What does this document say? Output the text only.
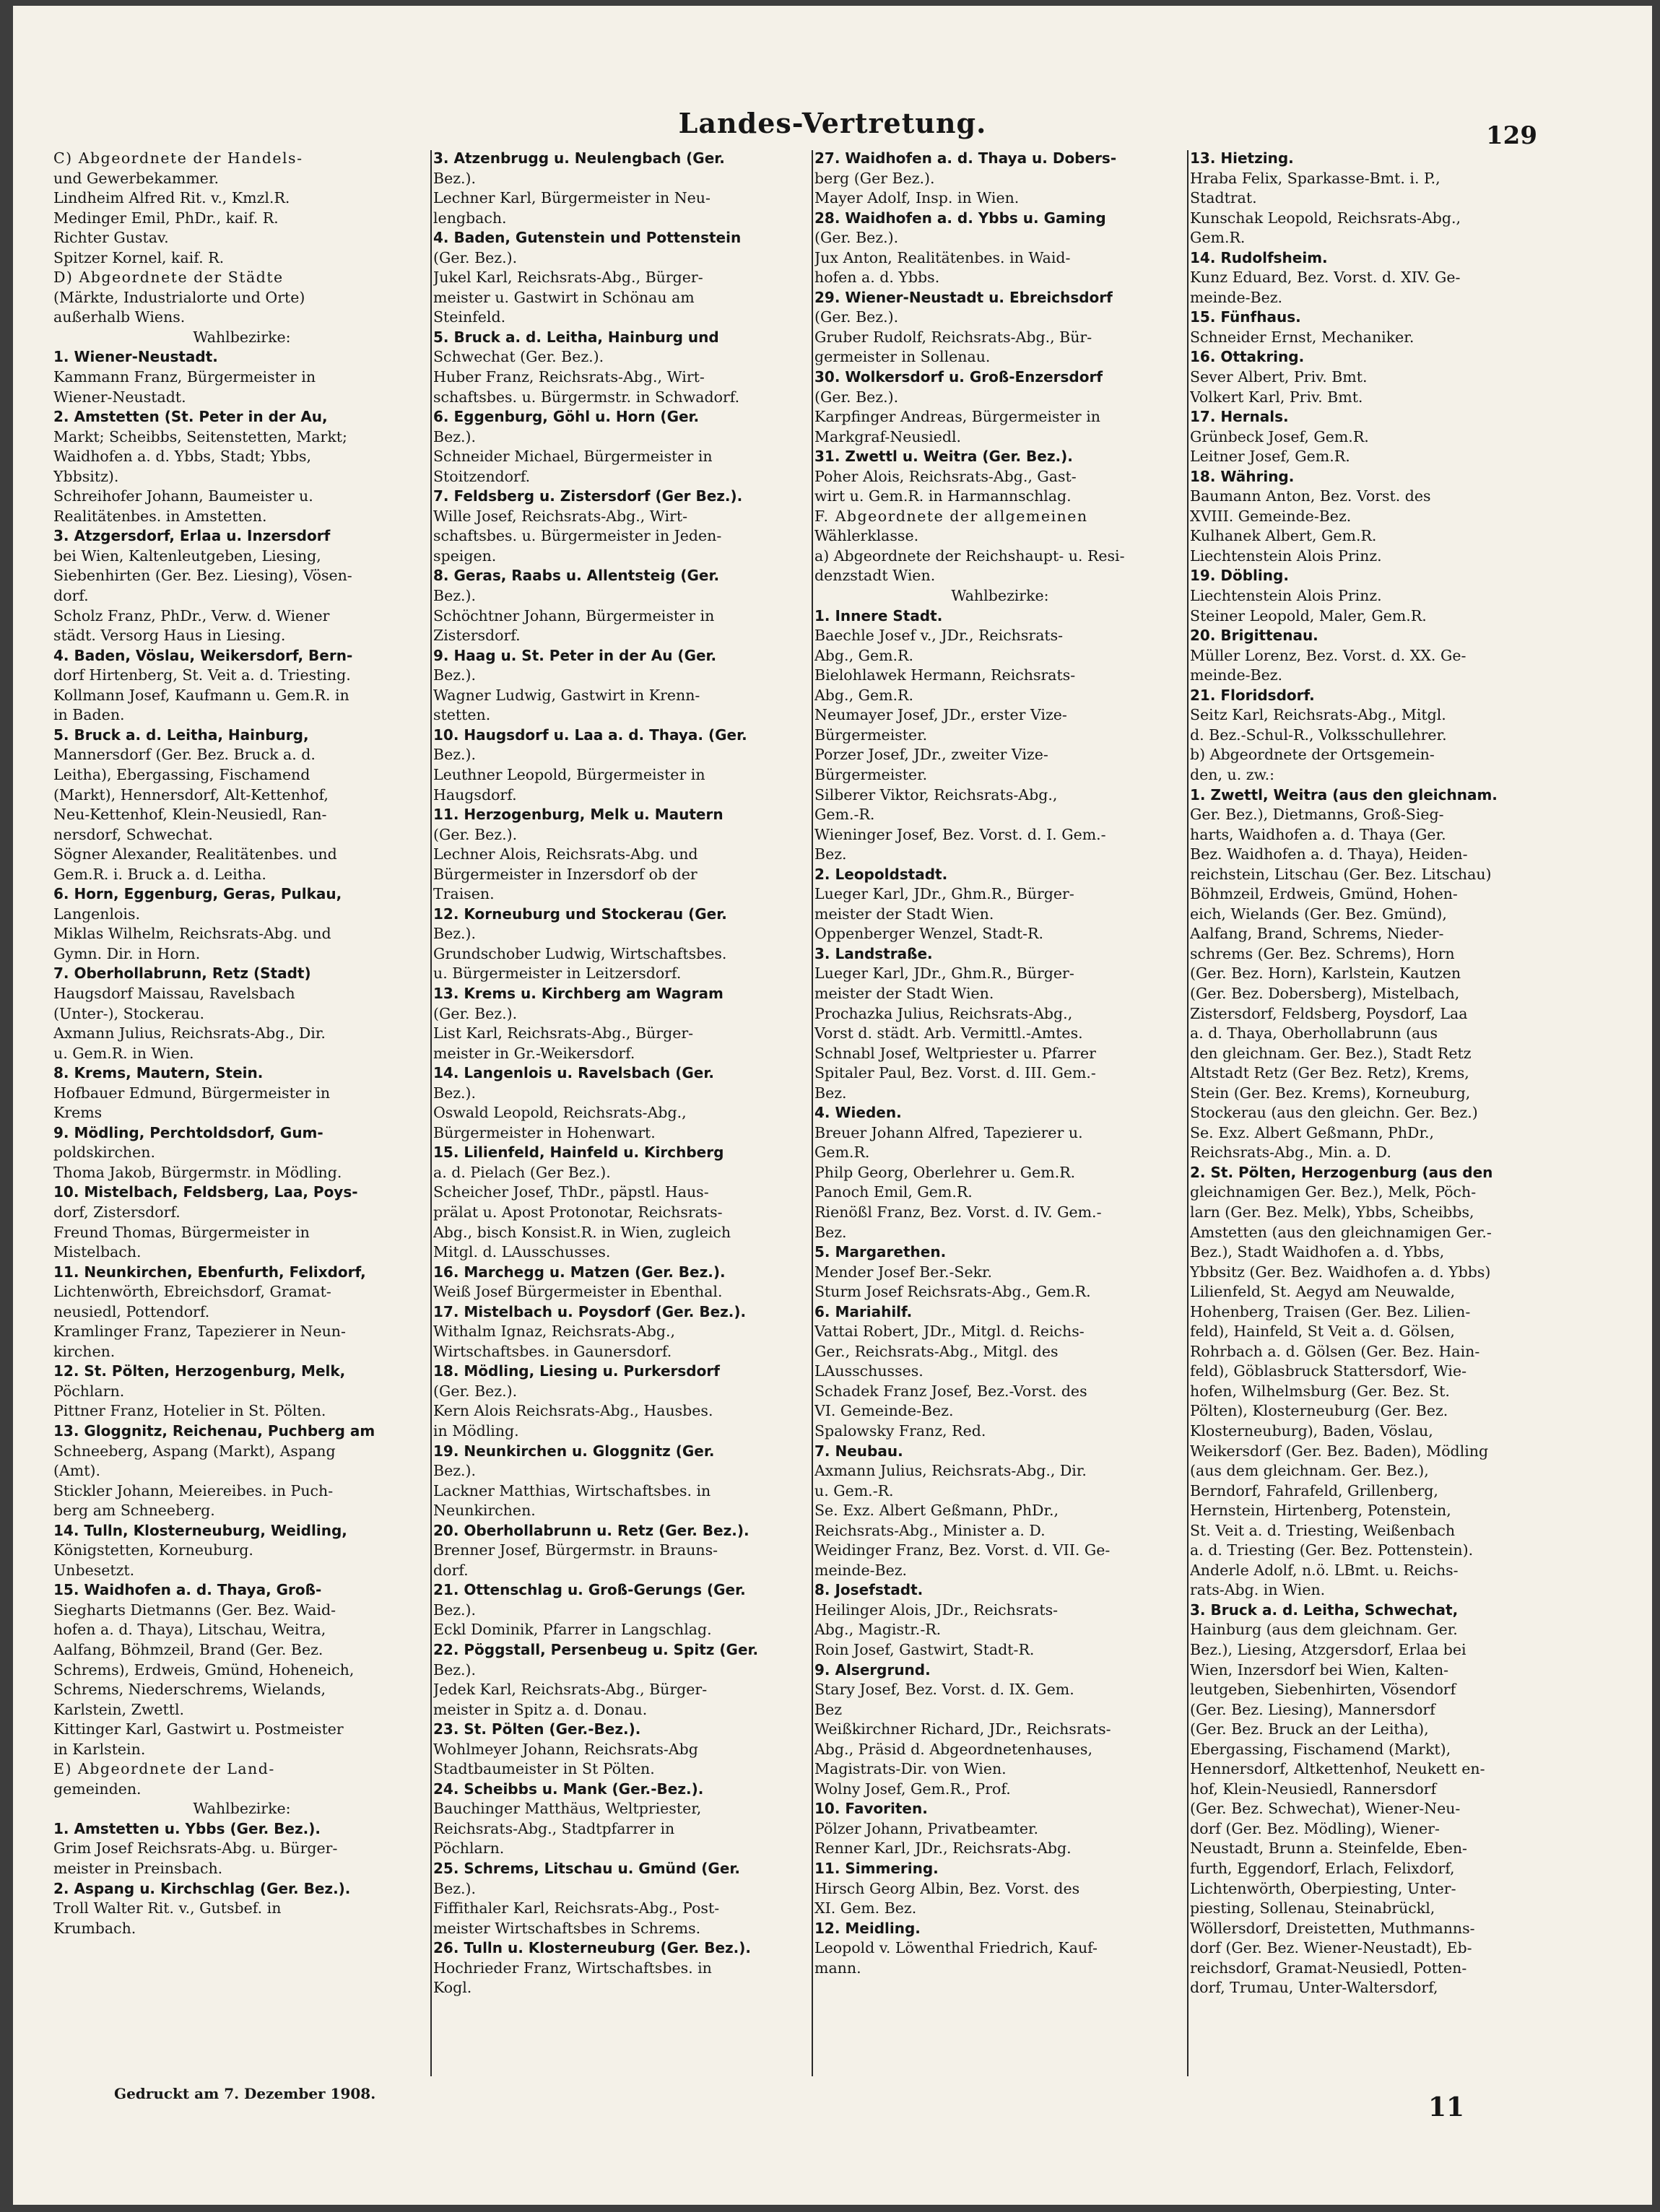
Landes-Vertretung.	129
C) Abgeordnete der Handels-
und Gewerbekammer.
Lindheim Alfred Rit. v., Kmzl.R.
Medinger Emil, PhDr., kaif. R.
Richter Gustav.
Spitzer Kornel, kaif. R.
D) Abgeordnete der Städte
(Märkte, Industrialorte und Orte)
außerhalb Wiens.
Wahlbezirke:
1. Wiener-Neustadt.
Kammann Franz, Bürgermeister in
Wiener-Neustadt.
2. Amstetten (St. Peter in der Au,
Markt; Scheibbs, Seitenstetten, Markt;
Waidhofen a. d. Ybbs, Stadt; Ybbs,
Ybbsitz).
Schreihofer Johann, Baumeister u.
Realitätenbes. in Amstetten.
3. Atzgersdorf, Erlaa u. Inzersdorf
bei Wien, Kaltenleutgeben, Liesing,
Siebenhirten (Ger. Bez. Liesing), Vösen-
dorf.
Scholz Franz, PhDr., Verw. d. Wiener
städt. Versorg Haus in Liesing.
4. Baden, Vöslau, Weikersdorf, Bern-
dorf Hirtenberg, St. Veit a. d. Triesting.
Kollmann Josef, Kaufmann u. Gem.R. in
in Baden.
5. Bruck a. d. Leitha, Hainburg,
Mannersdorf (Ger. Bez. Bruck a. d.
Leitha), Ebergassing, Fischamend
(Markt), Hennersdorf, Alt-Kettenhof,
Neu-Kettenhof, Klein-Neusiedl, Ran-
nersdorf, Schwechat.
Sögner Alexander, Realitätenbes. und
Gem.R. i. Bruck a. d. Leitha.
6. Horn, Eggenburg, Geras, Pulkau,
Langenlois.
Miklas Wilhelm, Reichsrats-Abg. und
Gymn. Dir. in Horn.
7. Oberhollabrunn, Retz (Stadt)
Haugsdorf Maissau, Ravelsbach
(Unter-), Stockerau.
Axmann Julius, Reichsrats-Abg., Dir.
u. Gem.R. in Wien.
8. Krems, Mautern, Stein.
Hofbauer Edmund, Bürgermeister in
Krems
9. Mödling, Perchtoldsdorf, Gum-
poldskirchen.
Thoma Jakob, Bürgermstr. in Mödling.
10. Mistelbach, Feldsberg, Laa, Poys-
dorf, Zistersdorf.
Freund Thomas, Bürgermeister in
Mistelbach.
11. Neunkirchen, Ebenfurth, Felixdorf,
Lichtenwörth, Ebreichsdorf, Gramat-
neusiedl, Pottendorf.
Kramlinger Franz, Tapezierer in Neun-
kirchen.
12. St. Pölten, Herzogenburg, Melk,
Pöchlarn.
Pittner Franz, Hotelier in St. Pölten.
13. Gloggnitz, Reichenau, Puchberg am
Schneeberg, Aspang (Markt), Aspang
(Amt).
Stickler Johann, Meiereibes. in Puch-
berg am Schneeberg.
14. Tulln, Klosterneuburg, Weidling,
Königstetten, Korneuburg.
Unbesetzt.
15. Waidhofen a. d. Thaya, Groß-
Siegharts Dietmanns (Ger. Bez. Waid-
hofen a. d. Thaya), Litschau, Weitra,
Aalfang, Böhmzeil, Brand (Ger. Bez.
Schrems), Erdweis, Gmünd, Hoheneich,
Schrems, Niederschrems, Wielands,
Karlstein, Zwettl.
Kittinger Karl, Gastwirt u. Postmeister
in Karlstein.
E) Abgeordnete der Land-
gemeinden.
Wahlbezirke:
1. Amstetten u. Ybbs (Ger. Bez.).
Grim Josef Reichsrats-Abg. u. Bürger-
meister in Preinsbach.
2. Aspang u. Kirchschlag (Ger. Bez.).
Troll Walter Rit. v., Gutsbef. in
Krumbach.
3. Atzenbrugg u. Neulengbach (Ger.
Bez.).
Lechner Karl, Bürgermeister in Neu-
lengbach.
4. Baden, Gutenstein und Pottenstein
(Ger. Bez.).
Jukel Karl, Reichsrats-Abg., Bürger-
meister u. Gastwirt in Schönau am
Steinfeld.
5. Bruck a. d. Leitha, Hainburg und
Schwechat (Ger. Bez.).
Huber Franz, Reichsrats-Abg., Wirt-
schaftsbes. u. Bürgermstr. in Schwadorf.
6. Eggenburg, Göhl u. Horn (Ger.
Bez.).
Schneider Michael, Bürgermeister in
Stoitzendorf.
7. Feldsberg u. Zistersdorf (Ger Bez.).
Wille Josef, Reichsrats-Abg., Wirt-
schaftsbes. u. Bürgermeister in Jeden-
speigen.
8. Geras, Raabs u. Allentsteig (Ger.
Bez.).
Schöchtner Johann, Bürgermeister in
Zistersdorf.
9. Haag u. St. Peter in der Au (Ger.
Bez.).
Wagner Ludwig, Gastwirt in Krenn-
stetten.
10. Haugsdorf u. Laa a. d. Thaya. (Ger.
Bez.).
Leuthner Leopold, Bürgermeister in
Haugsdorf.
11. Herzogenburg, Melk u. Mautern
(Ger. Bez.).
Lechner Alois, Reichsrats-Abg. und
Bürgermeister in Inzersdorf ob der
Traisen.
12. Korneuburg und Stockerau (Ger.
Bez.).
Grundschober Ludwig, Wirtschaftsbes.
u. Bürgermeister in Leitzersdorf.
13. Krems u. Kirchberg am Wagram
(Ger. Bez.).
List Karl, Reichsrats-Abg., Bürger-
meister in Gr.-Weikersdorf.
14. Langenlois u. Ravelsbach (Ger.
Bez.).
Oswald Leopold, Reichsrats-Abg.,
Bürgermeister in Hohenwart.
15. Lilienfeld, Hainfeld u. Kirchberg
a. d. Pielach (Ger Bez.).
Scheicher Josef, ThDr., päpstl. Haus-
prälat u. Apost Protonotar, Reichsrats-
Abg., bisch Konsist.R. in Wien, zugleich
Mitgl. d. LAusschusses.
16. Marchegg u. Matzen (Ger. Bez.).
Weiß Josef Bürgermeister in Ebenthal.
17. Mistelbach u. Poysdorf (Ger. Bez.).
Withalm Ignaz, Reichsrats-Abg.,
Wirtschaftsbes. in Gaunersdorf.
18. Mödling, Liesing u. Purkersdorf
(Ger. Bez.).
Kern Alois Reichsrats-Abg., Hausbes.
in Mödling.
19. Neunkirchen u. Gloggnitz (Ger.
Bez.).
Lackner Matthias, Wirtschaftsbes. in
Neunkirchen.
20. Oberhollabrunn u. Retz (Ger. Bez.).
Brenner Josef, Bürgermstr. in Brauns-
dorf.
21. Ottenschlag u. Groß-Gerungs (Ger.
Bez.).
Eckl Dominik, Pfarrer in Langschlag.
22. Pöggstall, Persenbeug u. Spitz (Ger.
Bez.).
Jedek Karl, Reichsrats-Abg., Bürger-
meister in Spitz a. d. Donau.
23. St. Pölten (Ger.-Bez.).
Wohlmeyer Johann, Reichsrats-Abg
Stadtbaumeister in St Pölten.
24. Scheibbs u. Mank (Ger.-Bez.).
Bauchinger Matthäus, Weltpriester,
Reichsrats-Abg., Stadtpfarrer in
Pöchlarn.
25. Schrems, Litschau u. Gmünd (Ger.
Bez.).
Fiffithaler Karl, Reichsrats-Abg., Post-
meister Wirtschaftsbes in Schrems.
26. Tulln u. Klosterneuburg (Ger. Bez.).
Hochrieder Franz, Wirtschaftsbes. in
Kogl.
27. Waidhofen a. d. Thaya u. Dobers-
berg (Ger Bez.).
Mayer Adolf, Insp. in Wien.
28. Waidhofen a. d. Ybbs u. Gaming
(Ger. Bez.).
Jux Anton, Realitätenbes. in Waid-
hofen a. d. Ybbs.
29. Wiener-Neustadt u. Ebreichsdorf
(Ger. Bez.).
Gruber Rudolf, Reichsrats-Abg., Bür-
germeister in Sollenau.
30. Wolkersdorf u. Groß-Enzersdorf
(Ger. Bez.).
Karpfinger Andreas, Bürgermeister in
Markgraf-Neusiedl.
31. Zwettl u. Weitra (Ger. Bez.).
Poher Alois, Reichsrats-Abg., Gast-
wirt u. Gem.R. in Harmannschlag.
F. Abgeordnete der allgemeinen
Wählerklasse.
a) Abgeordnete der Reichshaupt- u. Resi-
denzstadt Wien.
Wahlbezirke:
1. Innere Stadt.
Baechle Josef v., JDr., Reichsrats-
Abg., Gem.R.
Bielohlawek Hermann, Reichsrats-
Abg., Gem.R.
Neumayer Josef, JDr., erster Vize-
Bürgermeister.
Porzer Josef, JDr., zweiter Vize-
Bürgermeister.
Silberer Viktor, Reichsrats-Abg.,
Gem.-R.
Wieninger Josef, Bez. Vorst. d. I. Gem.-
Bez.
2. Leopoldstadt.
Lueger Karl, JDr., Ghm.R., Bürger-
meister der Stadt Wien.
Oppenberger Wenzel, Stadt-R.
3. Landstraße.
Lueger Karl, JDr., Ghm.R., Bürger-
meister der Stadt Wien.
Prochazka Julius, Reichsrats-Abg.,
Vorst d. städt. Arb. Vermittl.-Amtes.
Schnabl Josef, Weltpriester u. Pfarrer
Spitaler Paul, Bez. Vorst. d. III. Gem.-
Bez.
4. Wieden.
Breuer Johann Alfred, Tapezierer u.
Gem.R.
Philp Georg, Oberlehrer u. Gem.R.
Panoch Emil, Gem.R.
Rienößl Franz, Bez. Vorst. d. IV. Gem.-
Bez.
5. Margarethen.
Mender Josef Ber.-Sekr.
Sturm Josef Reichsrats-Abg., Gem.R.
6. Mariahilf.
Vattai Robert, JDr., Mitgl. d. Reichs-
Ger., Reichsrats-Abg., Mitgl. des
LAusschusses.
Schadek Franz Josef, Bez.-Vorst. des
VI. Gemeinde-Bez.
Spalowsky Franz, Red.
7. Neubau.
Axmann Julius, Reichsrats-Abg., Dir.
u. Gem.-R.
Se. Exz. Albert Geßmann, PhDr.,
Reichsrats-Abg., Minister a. D.
Weidinger Franz, Bez. Vorst. d. VII. Ge-
meinde-Bez.
8. Josefstadt.
Heilinger Alois, JDr., Reichsrats-
Abg., Magistr.-R.
Roin Josef, Gastwirt, Stadt-R.
9. Alsergrund.
Stary Josef, Bez. Vorst. d. IX. Gem.
Bez
Weißkirchner Richard, JDr., Reichsrats-
Abg., Präsid d. Abgeordnetenhauses,
Magistrats-Dir. von Wien.
Wolny Josef, Gem.R., Prof.
10. Favoriten.
Pölzer Johann, Privatbeamter.
Renner Karl, JDr., Reichsrats-Abg.
11. Simmering.
Hirsch Georg Albin, Bez. Vorst. des
XI. Gem. Bez.
12. Meidling.
Leopold v. Löwenthal Friedrich, Kauf-
mann.
13. Hietzing.
Hraba Felix, Sparkasse-Bmt. i. P.,
Stadtrat.
Kunschak Leopold, Reichsrats-Abg.,
Gem.R.
14. Rudolfsheim.
Kunz Eduard, Bez. Vorst. d. XIV. Ge-
meinde-Bez.
15. Fünfhaus.
Schneider Ernst, Mechaniker.
16. Ottakring.
Sever Albert, Priv. Bmt.
Volkert Karl, Priv. Bmt.
17. Hernals.
Grünbeck Josef, Gem.R.
Leitner Josef, Gem.R.
18. Währing.
Baumann Anton, Bez. Vorst. des
XVIII. Gemeinde-Bez.
Kulhanek Albert, Gem.R.
Liechtenstein Alois Prinz.
19. Döbling.
Liechtenstein Alois Prinz.
Steiner Leopold, Maler, Gem.R.
20. Brigittenau.
Müller Lorenz, Bez. Vorst. d. XX. Ge-
meinde-Bez.
21. Floridsdorf.
Seitz Karl, Reichsrats-Abg., Mitgl.
d. Bez.-Schul-R., Volksschullehrer.
b) Abgeordnete der Ortsgemein-
den, u. zw.:
1. Zwettl, Weitra (aus den gleichnam.
Ger. Bez.), Dietmanns, Groß-Sieg-
harts, Waidhofen a. d. Thaya (Ger.
Bez. Waidhofen a. d. Thaya), Heiden-
reichstein, Litschau (Ger. Bez. Litschau)
Böhmzeil, Erdweis, Gmünd, Hohen-
eich, Wielands (Ger. Bez. Gmünd),
Aalfang, Brand, Schrems, Nieder-
schrems (Ger. Bez. Schrems), Horn
(Ger. Bez. Horn), Karlstein, Kautzen
(Ger. Bez. Dobersberg), Mistelbach,
Zistersdorf, Feldsberg, Poysdorf, Laa
a. d. Thaya, Oberhollabrunn (aus
den gleichnam. Ger. Bez.), Stadt Retz
Altstadt Retz (Ger Bez. Retz), Krems,
Stein (Ger. Bez. Krems), Korneuburg,
Stockerau (aus den gleichn. Ger. Bez.)
Se. Exz. Albert Geßmann, PhDr.,
Reichsrats-Abg., Min. a. D.
2. St. Pölten, Herzogenburg (aus den
gleichnamigen Ger. Bez.), Melk, Pöch-
larn (Ger. Bez. Melk), Ybbs, Scheibbs,
Amstetten (aus den gleichnamigen Ger.-
Bez.), Stadt Waidhofen a. d. Ybbs,
Ybbsitz (Ger. Bez. Waidhofen a. d. Ybbs)
Lilienfeld, St. Aegyd am Neuwalde,
Hohenberg, Traisen (Ger. Bez. Lilien-
feld), Hainfeld, St Veit a. d. Gölsen,
Rohrbach a. d. Gölsen (Ger. Bez. Hain-
feld), Göblasbruck Stattersdorf, Wie-
hofen, Wilhelmsburg (Ger. Bez. St.
Pölten), Klosterneuburg (Ger. Bez.
Klosterneuburg), Baden, Vöslau,
Weikersdorf (Ger. Bez. Baden), Mödling
(aus dem gleichnam. Ger. Bez.),
Berndorf, Fahrafeld, Grillenberg,
Hernstein, Hirtenberg, Potenstein,
St. Veit a. d. Triesting, Weißenbach
a. d. Triesting (Ger. Bez. Pottenstein).
Anderle Adolf, n.ö. LBmt. u. Reichs-
rats-Abg. in Wien.
3. Bruck a. d. Leitha, Schwechat,
Hainburg (aus dem gleichnam. Ger.
Bez.), Liesing, Atzgersdorf, Erlaa bei
Wien, Inzersdorf bei Wien, Kalten-
leutgeben, Siebenhirten, Vösendorf
(Ger. Bez. Liesing), Mannersdorf
(Ger. Bez. Bruck an der Leitha),
Ebergassing, Fischamend (Markt),
Hennersdorf, Altkettenhof, Neukett en-
hof, Klein-Neusiedl, Rannersdorf
(Ger. Bez. Schwechat), Wiener-Neu-
dorf (Ger. Bez. Mödling), Wiener-
Neustadt, Brunn a. Steinfelde, Eben-
furth, Eggendorf, Erlach, Felixdorf,
Lichtenwörth, Oberpiesting, Unter-
piesting, Sollenau, Steinabrückl,
Wöllersdorf, Dreistetten, Muthmanns-
dorf (Ger. Bez. Wiener-Neustadt), Eb-
reichsdorf, Gramat-Neusiedl, Potten-
dorf, Trumau, Unter-Waltersdorf,
Gedruckt am 7. Dezember 1908.	11
